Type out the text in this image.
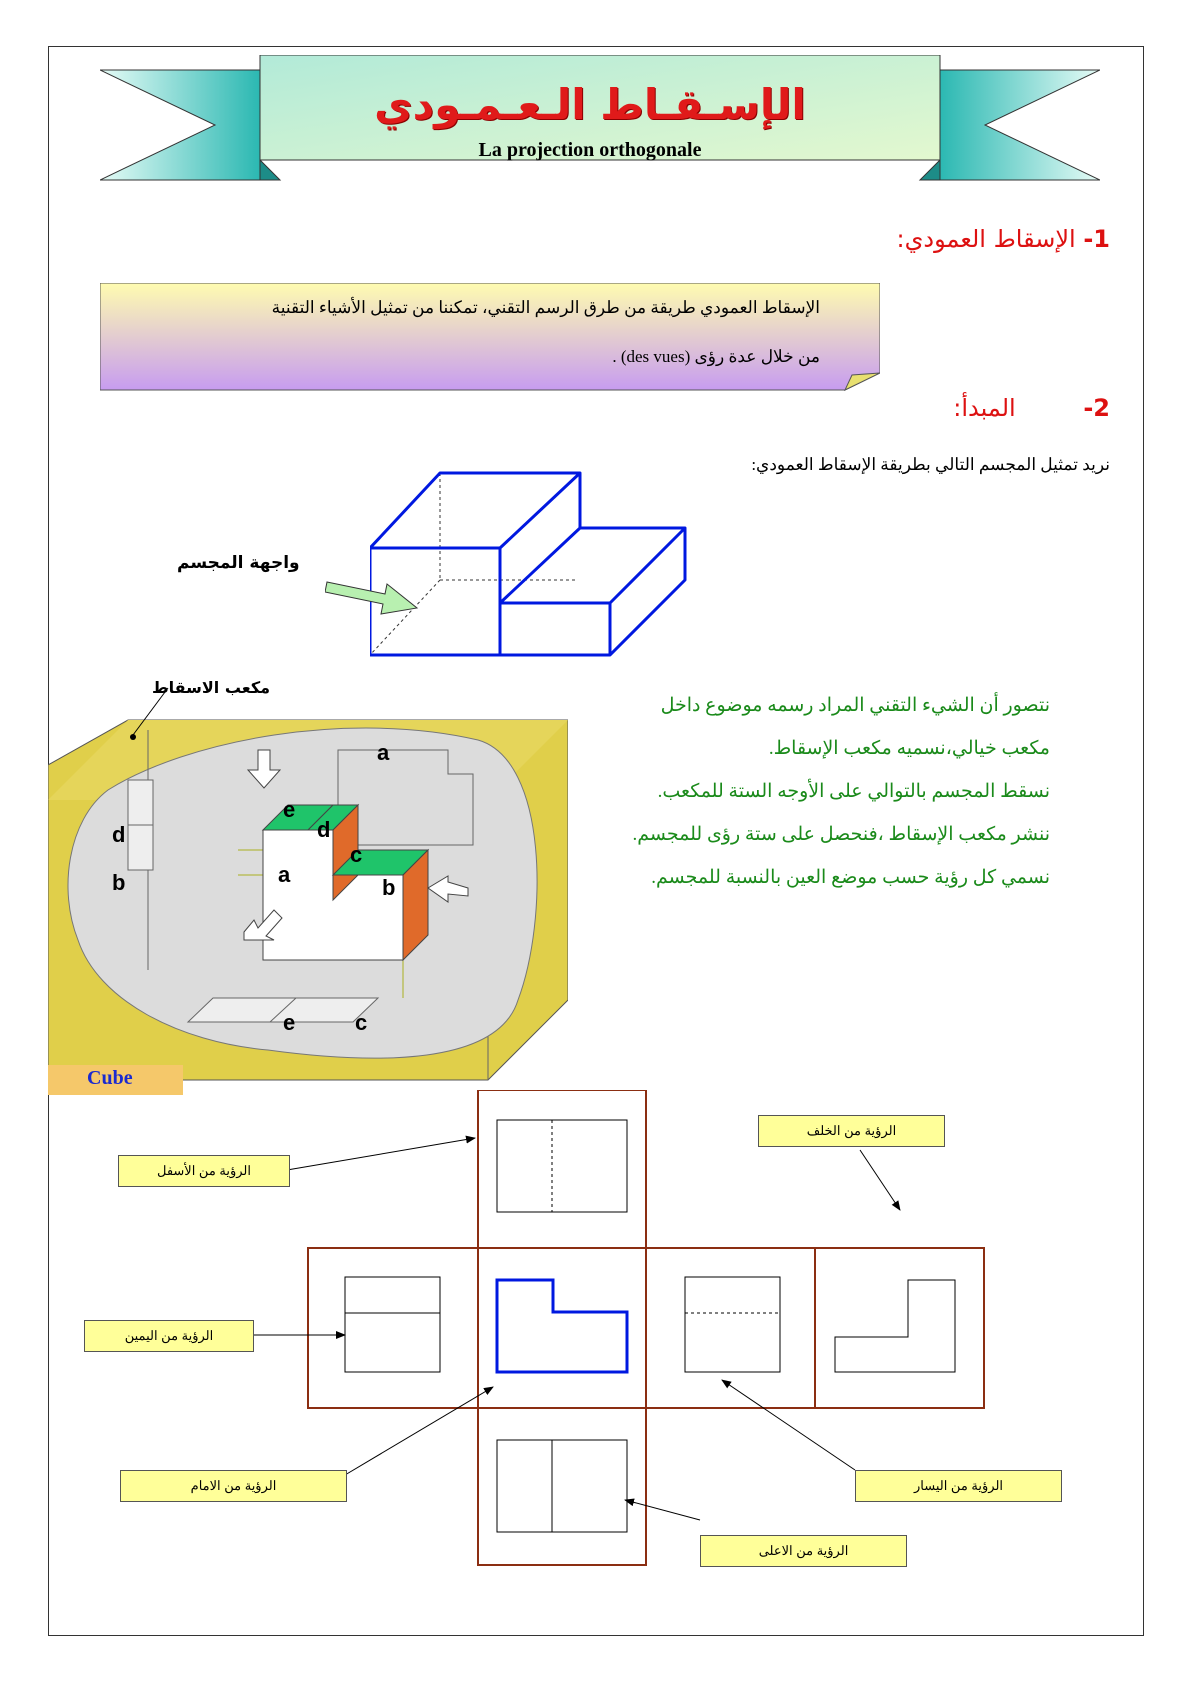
الإسـقـاط الـعـمـودي
La projection orthogonale
1- الإسقاط العمودي:
الإسقاط العمودي طريقة من طرق الرسم التقني، تمكننا من تمثيل الأشياء التقنية
من خلال عدة رؤى (des vues) .
2- المبدأ:
نريد تمثيل المجسم التالي بطريقة الإسقاط العمودي:
واجهة المجسم
مكعب الاسقاط
Cube
a
a
b	b
c
c
d	d
e
e
نتصور أن الشيء التقني المراد رسمه موضوع داخل
مكعب خيالي،نسميه مكعب الإسقاط.
نسقط المجسم بالتوالي على الأوجه الستة للمكعب.
ننشر مكعب الإسقاط ،فنحصل على ستة رؤى للمجسم.
نسمي كل رؤية حسب موضع العين بالنسبة للمجسم.
الرؤية من الأسفل
الرؤية من الخلف
الرؤية من اليمين
الرؤية من اليسار
الرؤية من الامام
الرؤية من الاعلى
